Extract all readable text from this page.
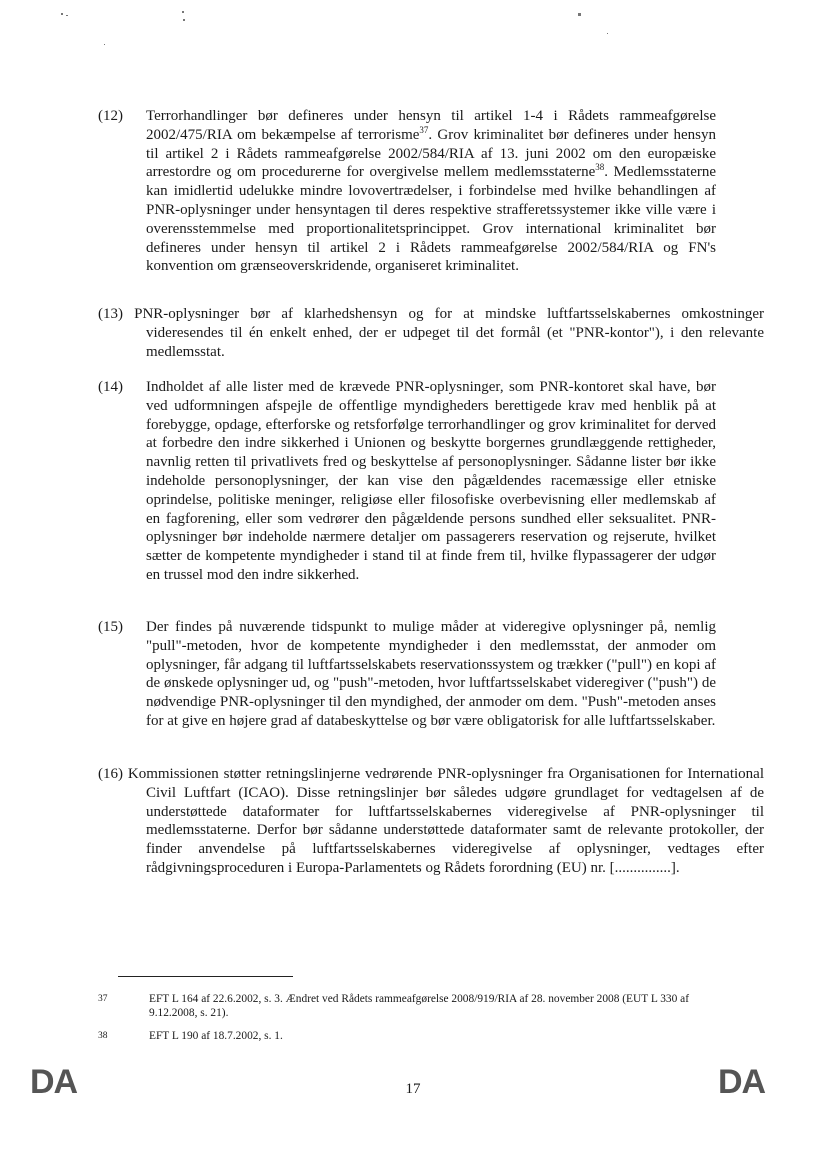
(12)	Terrorhandlinger bør defineres under hensyn til artikel 1-4 i Rådets rammeafgørelse 2002/475/RIA om bekæmpelse af terrorisme$^{37}$. Grov kriminalitet bør defineres under hensyn til artikel 2 i Rådets rammeafgørelse 2002/584/RIA af 13. juni 2002 om den europæiske arrestordre og om procedurerne for overgivelse mellem medlemsstaterne$^{38}$. Medlemsstaterne kan imidlertid udelukke mindre lovovertrædelser, i forbindelse med hvilke behandlingen af PNR-oplysninger under hensyntagen til deres respektive strafferetssystemer ikke ville være i overensstemmelse med proportionalitetsprincippet. Grov international kriminalitet bør defineres under hensyn til artikel 2 i Rådets rammeafgørelse 2002/584/RIA og FN's konvention om grænseoverskridende, organiseret kriminalitet.
(13) PNR-oplysninger bør af klarhedshensyn og for at mindske luftfartsselskabernes omkostninger videresendes til én enkelt enhed, der er udpeget til det formål (et "PNR-kontor"), i den relevante medlemsstat.
(14)	Indholdet af alle lister med de krævede PNR-oplysninger, som PNR-kontoret skal have, bør ved udformningen afspejle de offentlige myndigheders berettigede krav med henblik på at forebygge, opdage, efterforske og retsforfølge terrorhandlinger og grov kriminalitet for derved at forbedre den indre sikkerhed i Unionen og beskytte borgernes grundlæggende rettigheder, navnlig retten til privatlivets fred og beskyttelse af personoplysninger. Sådanne lister bør ikke indeholde personoplysninger, der kan vise den pågældendes racemæssige eller etniske oprindelse, politiske meninger, religiøse eller filosofiske overbevisning eller medlemskab af en fagforening, eller som vedrører den pågældende persons sundhed eller seksualitet. PNR-oplysninger bør indeholde nærmere detaljer om passagerers reservation og rejserute, hvilket sætter de kompetente myndigheder i stand til at finde frem til, hvilke flypassagerer der udgør en trussel mod den indre sikkerhed.
(15)	Der findes på nuværende tidspunkt to mulige måder at videregive oplysninger på, nemlig "pull"-metoden, hvor de kompetente myndigheder i den medlemsstat, der anmoder om oplysninger, får adgang til luftfartsselskabets reservationssystem og trækker ("pull") en kopi af de ønskede oplysninger ud, og "push"-metoden, hvor luftfartsselskabet videregiver ("push") de nødvendige PNR-oplysninger til den myndighed, der anmoder om dem. "Push"-metoden anses for at give en højere grad af databeskyttelse og bør være obligatorisk for alle luftfartsselskaber.
(16) Kommissionen støtter retningslinjerne vedrørende PNR-oplysninger fra Organisationen for International Civil Luftfart (ICAO). Disse retningslinjer bør således udgøre grundlaget for vedtagelsen af de understøttede dataformater for luftfartsselskabernes videregivelse af PNR-oplysninger til medlemsstaterne. Derfor bør sådanne understøttede dataformater samt de relevante protokoller, der finder anvendelse på luftfartsselskabernes videregivelse af oplysninger, vedtages efter rådgivningsproceduren i Europa-Parlamentets og Rådets forordning (EU) nr. [...............].
37	EFT L 164 af 22.6.2002, s. 3. Ændret ved Rådets rammeafgørelse 2008/919/RIA af 28. november 2008 (EUT L 330 af 9.12.2008, s. 21).
38	EFT L 190 af 18.7.2002, s. 1.
DA	17	DA
